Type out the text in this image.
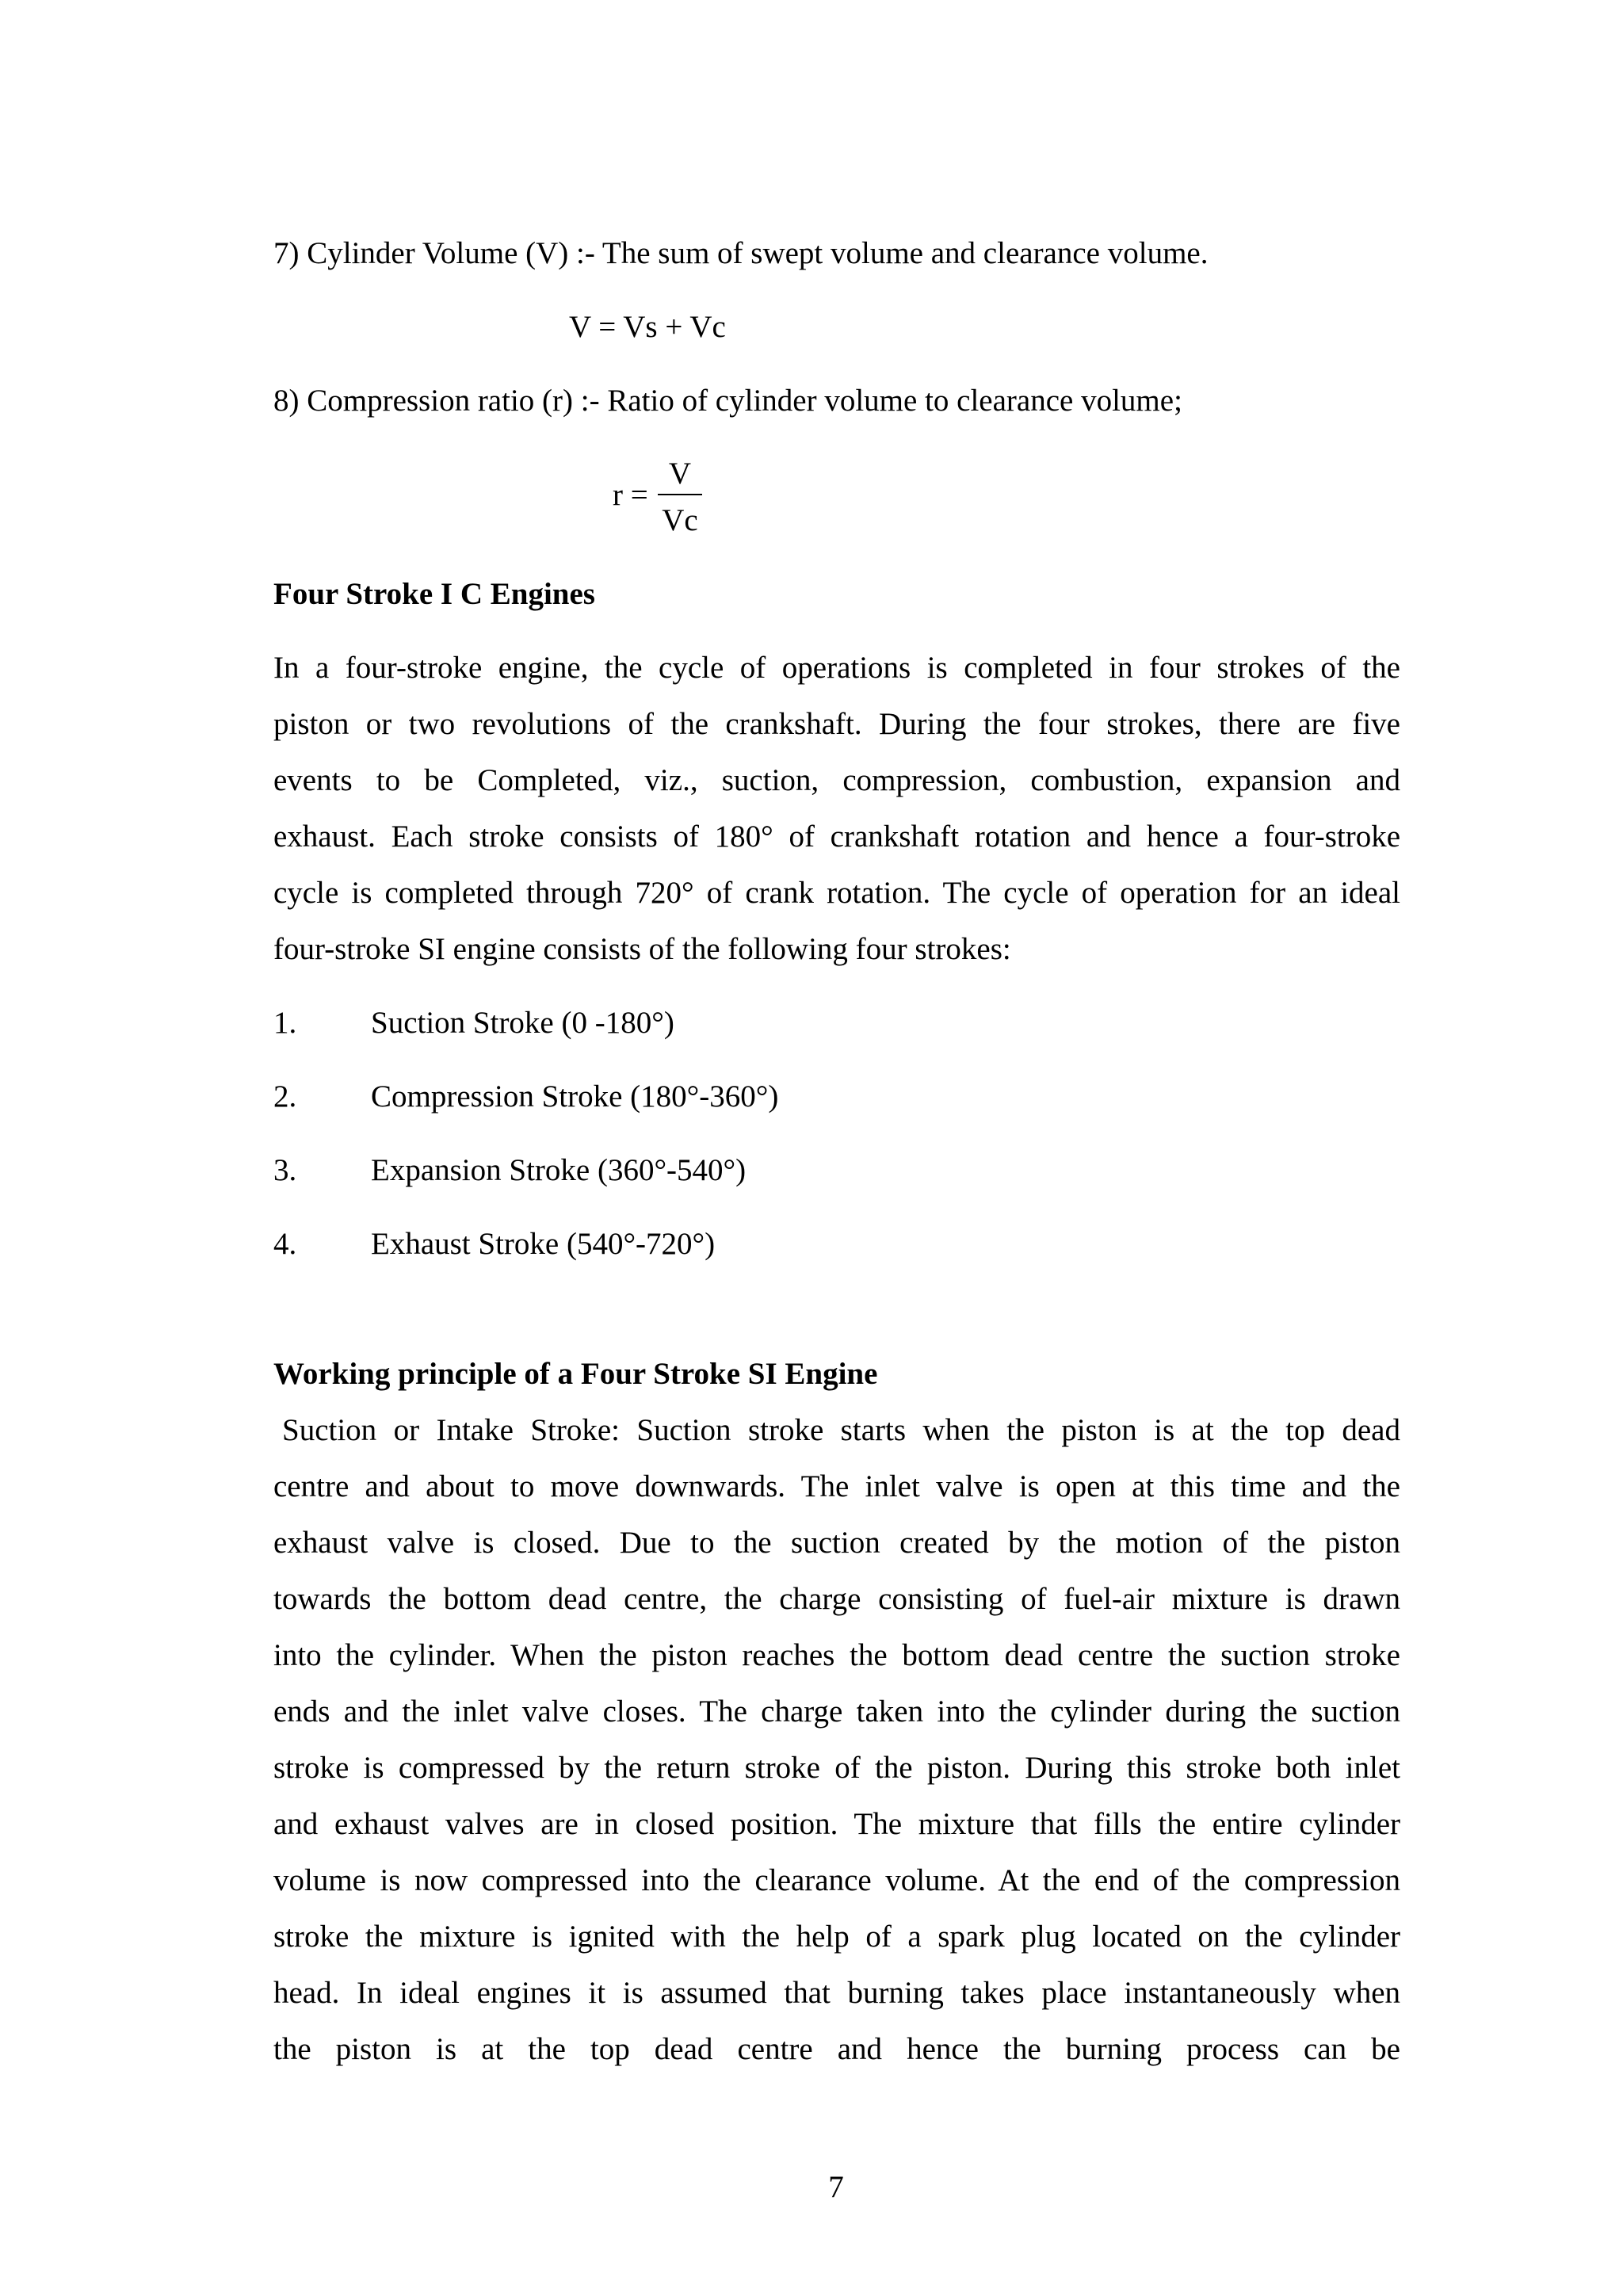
7) Cylinder Volume (V) :- The sum of swept volume and clearance volume.
V = Vs + Vc
8) Compression ratio (r) :- Ratio of cylinder volume to clearance volume;
r =
V
Vc
Four Stroke I C Engines
In a four-stroke engine, the cycle of operations is completed in four strokes of the
piston or two revolutions of the crankshaft. During the four strokes, there are five
events to be Completed, viz., suction, compression, combustion, expansion and
exhaust. Each stroke consists of 180° of crankshaft rotation and hence a four-stroke
cycle is completed through 720° of crank rotation. The cycle of operation for an ideal
four-stroke SI engine consists of the following four strokes:
1. Suction Stroke (0 -180°)
2. Compression Stroke (180°-360°)
3. Expansion Stroke (360°-540°)
4. Exhaust Stroke (540°-720°)
Working principle of a Four Stroke SI Engine
Suction or Intake Stroke: Suction stroke starts when the piston is at the top dead
centre and about to move downwards. The inlet valve is open at this time and the
exhaust valve is closed. Due to the suction created by the motion of the piston
towards the bottom dead centre, the charge consisting of fuel-air mixture is drawn
into the cylinder. When the piston reaches the bottom dead centre the suction stroke
ends and the inlet valve closes. The charge taken into the cylinder during the suction
stroke is compressed by the return stroke of the piston. During this stroke both inlet
and exhaust valves are in closed position. The mixture that fills the entire cylinder
volume is now compressed into the clearance volume. At the end of the compression
stroke the mixture is ignited with the help of a spark plug located on the cylinder
head. In ideal engines it is assumed that burning takes place instantaneously when
the piston is at the top dead centre and hence the burning process can be
7
